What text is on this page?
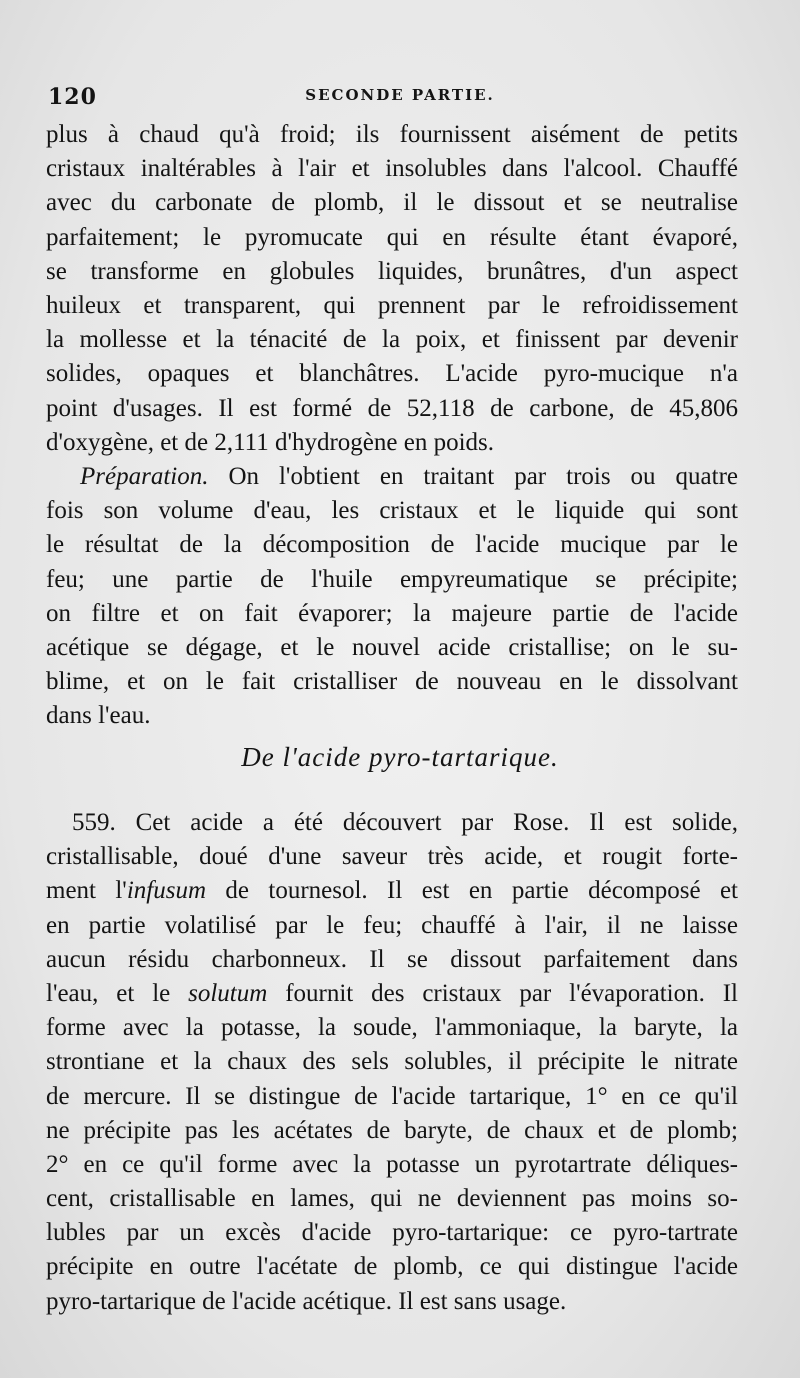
120	SECONDE PARTIE.
plus à chaud qu'à froid; ils fournissent aisément de petits
cristaux inaltérables à l'air et insolubles dans l'alcool. Chauffé
avec du carbonate de plomb, il le dissout et se neutralise
parfaitement; le pyromucate qui en résulte étant évaporé,
se transforme en globules liquides, brunâtres, d'un aspect
huileux et transparent, qui prennent par le refroidissement
la mollesse et la ténacité de la poix, et finissent par devenir
solides, opaques et blanchâtres. L'acide pyro-mucique n'a
point d'usages. Il est formé de 52,118 de carbone, de 45,806
d'oxygène, et de 2,111 d'hydrogène en poids.
Préparation. On l'obtient en traitant par trois ou quatre
fois son volume d'eau, les cristaux et le liquide qui sont
le résultat de la décomposition de l'acide mucique par le
feu; une partie de l'huile empyreumatique se précipite;
on filtre et on fait évaporer; la majeure partie de l'acide
acétique se dégage, et le nouvel acide cristallise; on le su-
blime, et on le fait cristalliser de nouveau en le dissolvant
dans l'eau.
De l'acide pyro-tartarique.
559. Cet acide a été découvert par Rose. Il est solide,
cristallisable, doué d'une saveur très acide, et rougit forte-
ment l'infusum de tournesol. Il est en partie décomposé et
en partie volatilisé par le feu; chauffé à l'air, il ne laisse
aucun résidu charbonneux. Il se dissout parfaitement dans
l'eau, et le solutum fournit des cristaux par l'évaporation. Il
forme avec la potasse, la soude, l'ammoniaque, la baryte, la
strontiane et la chaux des sels solubles, il précipite le nitrate
de mercure. Il se distingue de l'acide tartarique, 1° en ce qu'il
ne précipite pas les acétates de baryte, de chaux et de plomb;
2° en ce qu'il forme avec la potasse un pyrotartrate déliques-
cent, cristallisable en lames, qui ne deviennent pas moins so-
lubles par un excès d'acide pyro-tartarique: ce pyro-tartrate
précipite en outre l'acétate de plomb, ce qui distingue l'acide
pyro-tartarique de l'acide acétique. Il est sans usage.
